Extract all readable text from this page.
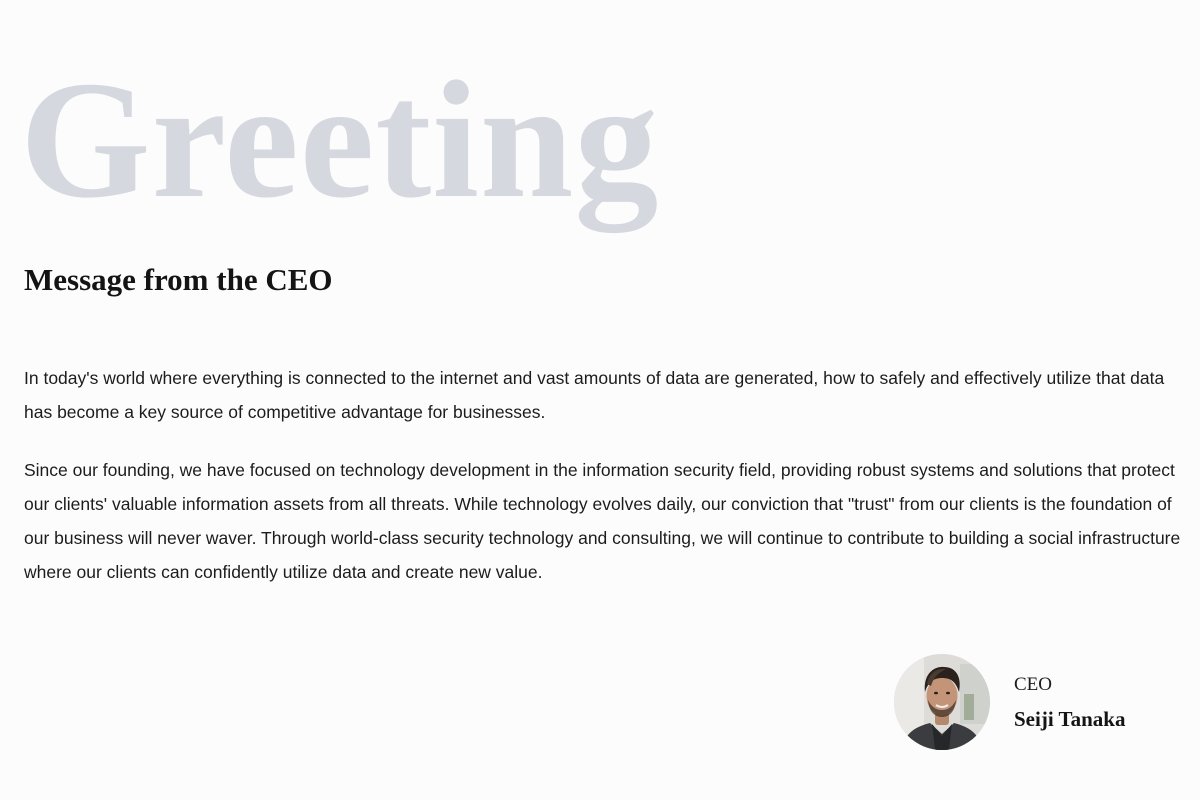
Greeting
Message from the CEO

In today's world where everything is connected to the internet and vast amounts of data are generated, how to safely and effectively utilize that data has become a key source of competitive advantage for businesses.

Since our founding, we have focused on technology development in the information security field, providing robust systems and solutions that protect our clients' valuable information assets from all threats. While technology evolves daily, our conviction that "trust" from our clients is the foundation of our business will never waver. Through world-class security technology and consulting, we will continue to contribute to building a social infrastructure where our clients can confidently utilize data and create new value.

CEO
Seiji Tanaka
